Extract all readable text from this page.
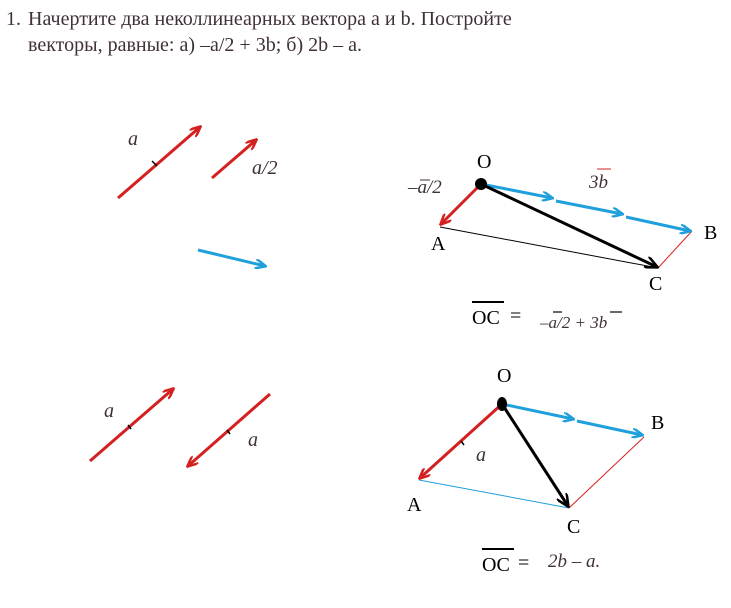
1. Начертите два неколлинеарных вектора a и b. Постройте
векторы, равные: а) –a/2 + 3b; б) 2b – a.
a
a/2	O
A	B
C
–a/2	3b
OC = –a/2 + 3b
a
a
O
A
B
C
a
OC = 2b – a.
